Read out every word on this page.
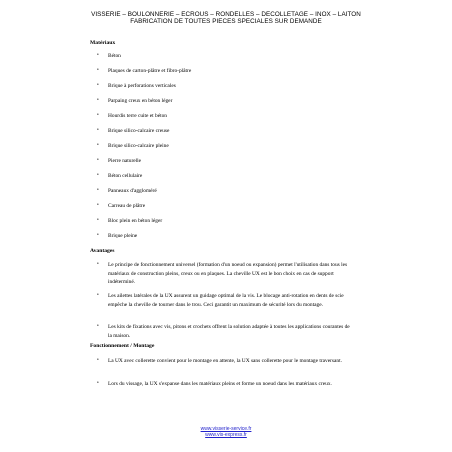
VISSERIE – BOULONNERIE – ECROUS – RONDELLES – DECOLLETAGE – INOX – LAITON
FABRICATION DE TOUTES PIECES SPECIALES SUR DEMANDE
Matériaux
• Béton
• Plaques de carton-plâtre et fibro-plâtre
• Brique à perforations verticales
• Parpaing creux en béton léger
• Hourdis terre cuite et béton
• Brique silico-calcaire creuse
• Brique silico-calcaire pleine
• Pierre naturelle
• Béton cellulaire
• Panneaux d'aggloméré
• Carreau de plâtre
• Bloc plein en béton léger
• Brique pleine
Avantages
• Le principe de fonctionnement universel (formation d'un noeud ou expansion) permet l'utilisation dans tous les matériaux de construction pleins, creux ou en plaques. La cheville UX est le bon choix en cas de support indéterminé.
• Les ailettes latérales de la UX assurent un guidage optimal de la vis. Le blocage anti-rotation en dents de scie empêche la cheville de tourner dans le trou. Ceci garantit un maximum de sécurité lors du montage.
• Les kits de fixations avec vis, pitons et crochets offrent la solution adaptée à toutes les applications courantes de la maison.
Fonctionnement / Montage
• La UX avec collerette convient pour le montage en attente, la UX sans collerette pour le montage traversant.
• Lors du vissage, la UX s'expanse dans les matériaux pleins et forme un noeud dans les matériaux creux.
www.visserie-service.fr
www.vis-express.fr
